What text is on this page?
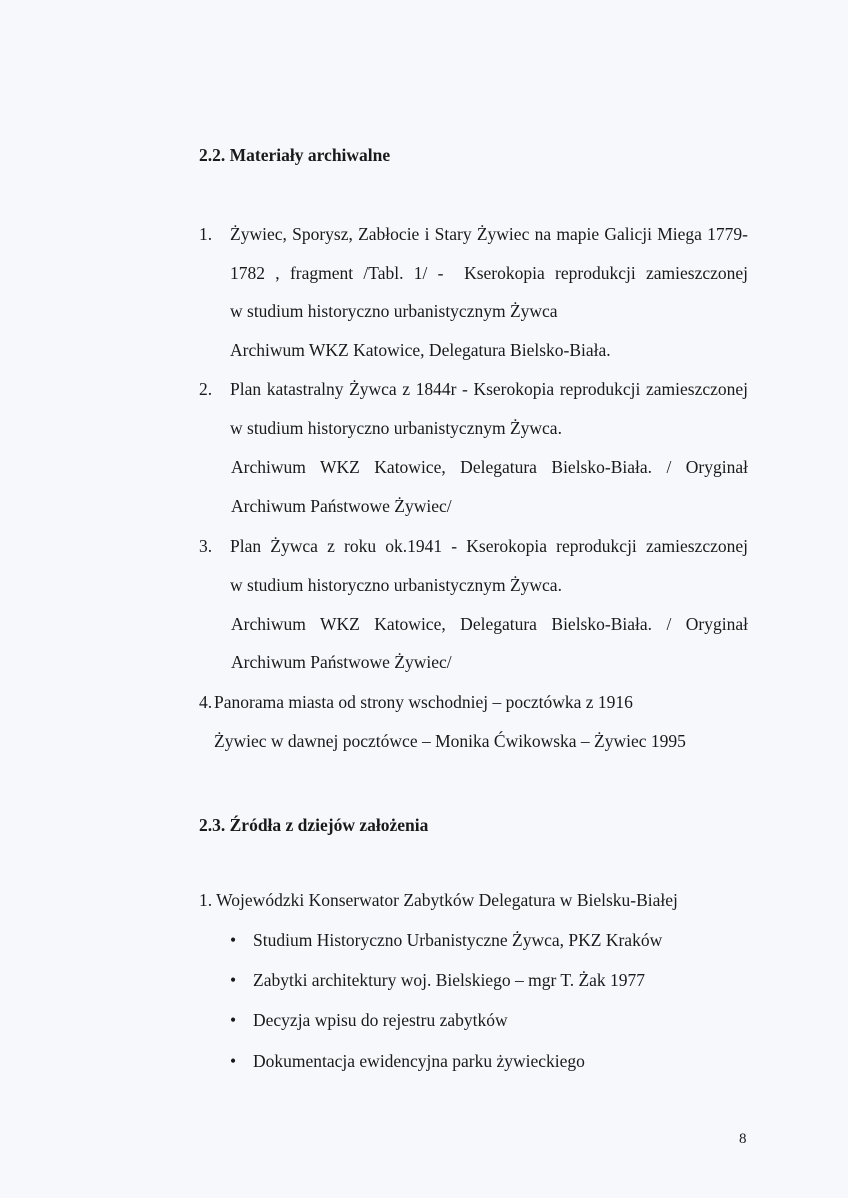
2.2. Materiały archiwalne
1. Żywiec, Sporysz, Zabłocie i Stary Żywiec na mapie Galicji Miega 1779-
1782 , fragment /Tabl. 1/ -  Kserokopia reprodukcji zamieszczonej
w studium historyczno urbanistycznym Żywca
Archiwum WKZ Katowice, Delegatura Bielsko-Biała.
2. Plan katastralny Żywca z 1844r - Kserokopia reprodukcji zamieszczonej
w studium historyczno urbanistycznym Żywca.
Archiwum WKZ Katowice, Delegatura Bielsko-Biała. / Oryginał
Archiwum Państwowe Żywiec/
3. Plan Żywca z roku ok.1941 - Kserokopia reprodukcji zamieszczonej
w studium historyczno urbanistycznym Żywca.
Archiwum WKZ Katowice, Delegatura Bielsko-Biała. / Oryginał
Archiwum Państwowe Żywiec/
4. Panorama miasta od strony wschodniej – pocztówka z 1916
Żywiec w dawnej pocztówce – Monika Ćwikowska – Żywiec 1995
2.3. Źródła z dziejów założenia
1. Wojewódzki Konserwator Zabytków Delegatura w Bielsku-Białej
• Studium Historyczno Urbanistyczne Żywca, PKZ Kraków
• Zabytki architektury woj. Bielskiego – mgr T. Żak 1977
• Decyzja wpisu do rejestru zabytków
• Dokumentacja ewidencyjna parku żywieckiego
8
